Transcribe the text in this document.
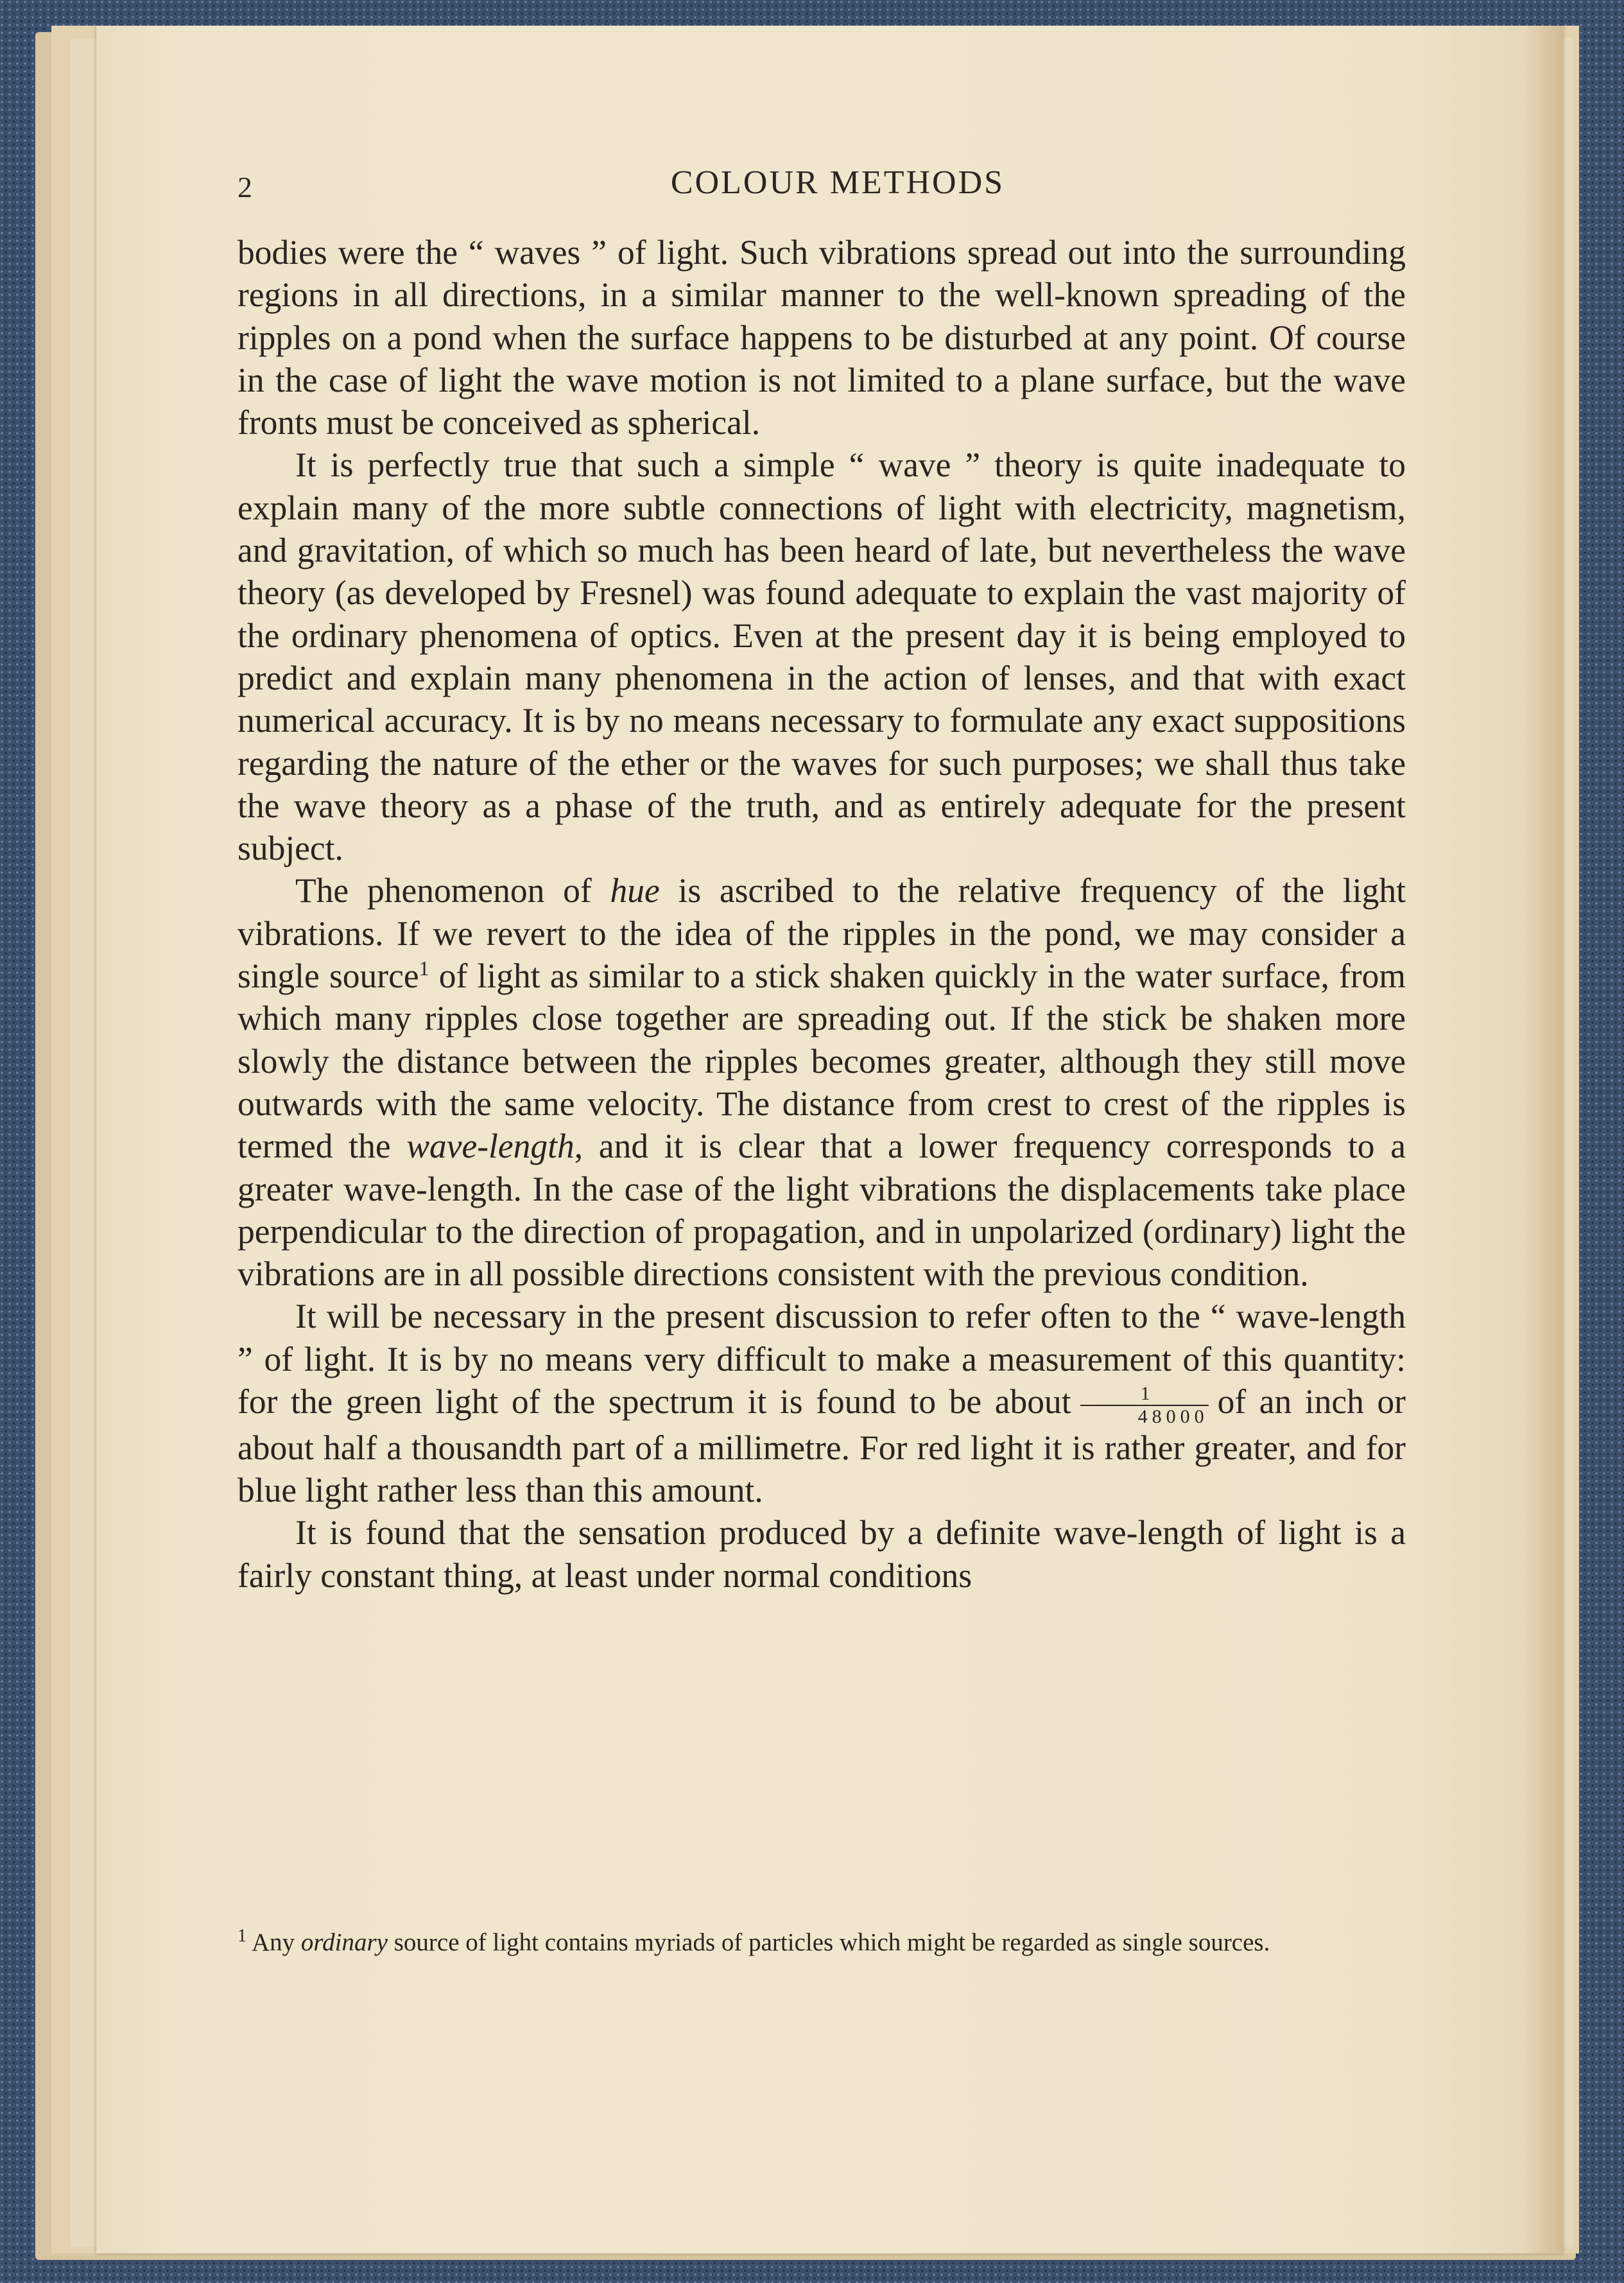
2	COLOUR METHODS

bodies were the “ waves ” of light. Such vibrations spread out into the surrounding regions in all directions, in a similar manner to the well-known spreading of the ripples on a pond when the surface happens to be disturbed at any point. Of course in the case of light the wave motion is not limited to a plane surface, but the wave fronts must be conceived as spherical.

It is perfectly true that such a simple “ wave ” theory is quite inadequate to explain many of the more subtle connections of light with electricity, magnetism, and gravitation, of which so much has been heard of late, but nevertheless the wave theory (as developed by Fresnel) was found adequate to explain the vast majority of the ordinary phenomena of optics. Even at the present day it is being employed to predict and explain many phenomena in the action of lenses, and that with exact numerical accuracy. It is by no means necessary to formulate any exact suppositions regarding the nature of the ether or the waves for such purposes; we shall thus take the wave theory as a phase of the truth, and as entirely adequate for the present subject.

The phenomenon of hue is ascribed to the relative frequency of the light vibrations. If we revert to the idea of the ripples in the pond, we may consider a single source$^1$ of light as similar to a stick shaken quickly in the water surface, from which many ripples close together are spreading out. If the stick be shaken more slowly the distance between the ripples becomes greater, although they still move outwards with the same velocity. The distance from crest to crest of the ripples is termed the wave-length, and it is clear that a lower frequency corresponds to a greater wave-length. In the case of the light vibrations the displacements take place perpendicular to the direction of propagation, and in unpolarized (ordinary) light the vibrations are in all possible directions consistent with the previous condition.

It will be necessary in the present discussion to refer often to the “ wave-length ” of light. It is by no means very difficult to make a measurement of this quantity: for the green light of the spectrum it is found to be about $\frac{1}{48000}$ of an inch or about half a thousandth part of a millimetre. For red light it is rather greater, and for blue light rather less than this amount.

It is found that the sensation produced by a definite wave-length of light is a fairly constant thing, at least under normal conditions

$^1$ Any ordinary source of light contains myriads of particles which might be regarded as single sources.
